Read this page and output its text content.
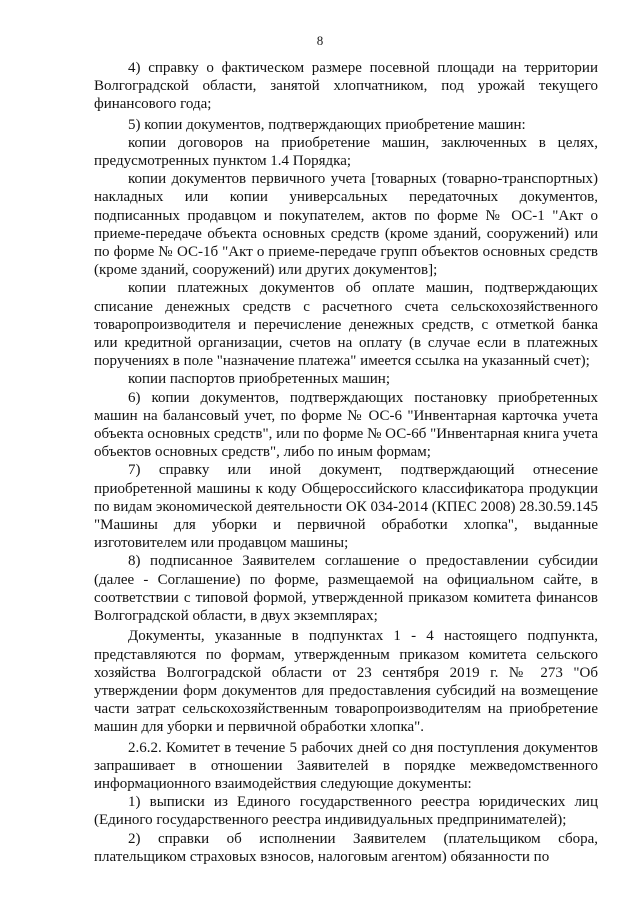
8

4) справку о фактическом размере посевной площади на территории Волгоградской области, занятой хлопчатником, под урожай текущего финансового года;

5) копии документов, подтверждающих приобретение машин:

копии договоров на приобретение машин, заключенных в целях, предусмотренных пунктом 1.4 Порядка;

копии документов первичного учета [товарных (товарно-транспортных) накладных или копии универсальных передаточных документов, подписанных продавцом и покупателем, актов по форме № ОС-1 "Акт о приеме-передаче объекта основных средств (кроме зданий, сооружений) или по форме № ОС-1б "Акт о приеме-передаче групп объектов основных средств (кроме зданий, сооружений) или других документов];

копии платежных документов об оплате машин, подтверждающих списание денежных средств с расчетного счета сельскохозяйственного товаропроизводителя и перечисление денежных средств, с отметкой банка или кредитной организации, счетов на оплату (в случае если в платежных поручениях в поле "назначение платежа" имеется ссылка на указанный счет);

копии паспортов приобретенных машин;

6) копии документов, подтверждающих постановку приобретенных машин на балансовый учет, по форме № ОС-6 "Инвентарная карточка учета объекта основных средств", или по форме № ОС-6б "Инвентарная книга учета объектов основных средств", либо по иным формам;

7) справку или иной документ, подтверждающий отнесение приобретенной машины к коду Общероссийского классификатора продукции по видам экономической деятельности ОК 034-2014 (КПЕС 2008) 28.30.59.145 "Машины для уборки и первичной обработки хлопка", выданные изготовителем или продавцом машины;

8) подписанное Заявителем соглашение о предоставлении субсидии (далее - Соглашение) по форме, размещаемой на официальном сайте, в соответствии с типовой формой, утвержденной приказом комитета финансов Волгоградской области, в двух экземплярах;

Документы, указанные в подпунктах 1 - 4 настоящего подпункта, представляются по формам, утвержденным приказом комитета сельского хозяйства Волгоградской области от 23 сентября 2019 г. № 273 "Об утверждении форм документов для предоставления субсидий на возмещение части затрат сельскохозяйственным товаропроизводителям на приобретение машин для уборки и первичной обработки хлопка".

2.6.2. Комитет в течение 5 рабочих дней со дня поступления документов запрашивает в отношении Заявителей в порядке межведомственного информационного взаимодействия следующие документы:

1) выписки из Единого государственного реестра юридических лиц (Единого государственного реестра индивидуальных предпринимателей);

2) справки об исполнении Заявителем (плательщиком сбора, плательщиком страховых взносов, налоговым агентом) обязанности по
